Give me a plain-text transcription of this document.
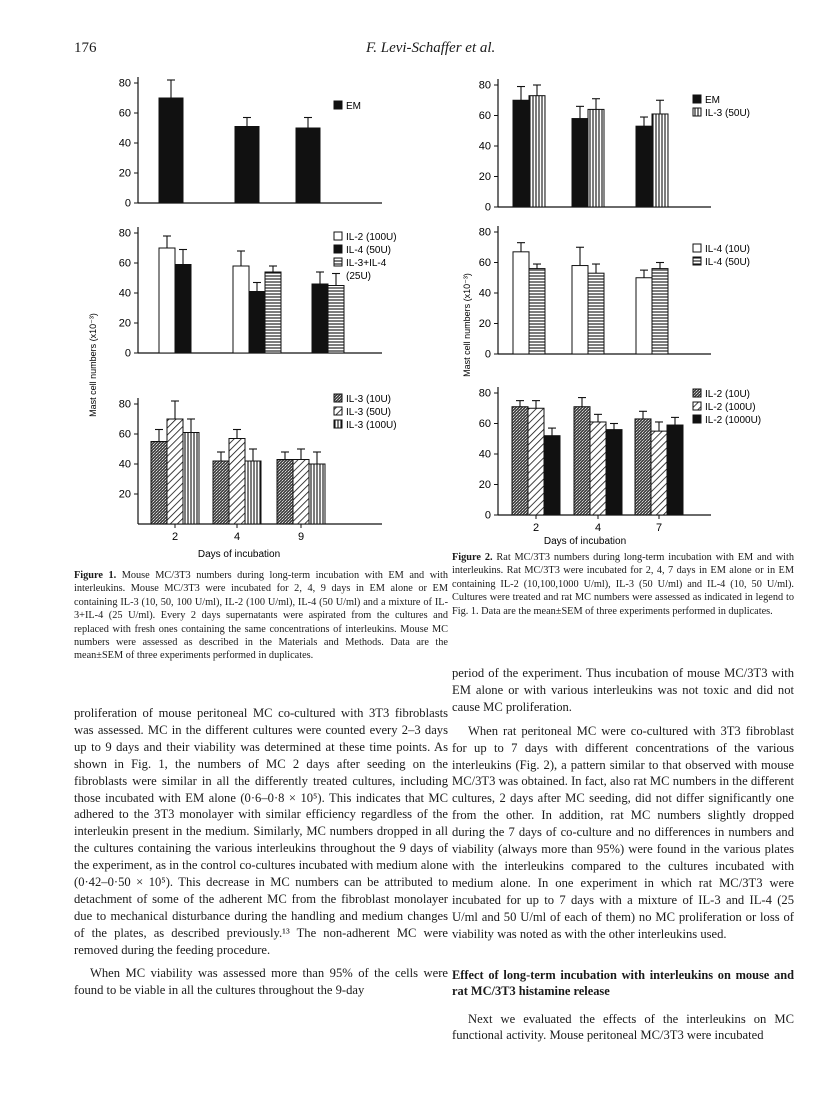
176	F. Levi-Schaffer et al.
0
20
40
60
80
EM
0
20
40
60
80	IL-2 (100U)
IL-4 (50U)
IL-3+IL-4
(25U)
20
40
60
80
2	4	9
IL-3 (10U)
IL-3 (50U)
IL-3 (100U)
Mast cell numbers (x10⁻³)
Days of incubation
0
20
40
60
80
EM
IL-3 (50U)
0
20
40
60
80
IL-4 (10U)
IL-4 (50U)
0
20
40
60
80
2	4	7
IL-2 (10U)
IL-2 (100U)
IL-2 (1000U)
Mast cell numbers (x10⁻³)
Days of incubation
Figure 1. Mouse MC/3T3 numbers during long-term incubation with EM and with interleukins. Mouse MC/3T3 were incubated for 2, 4, 9 days in EM alone or EM containing IL-3 (10, 50, 100 U/ml), IL-2 (100 U/ml), IL-4 (50 U/ml) and a mixture of IL-3+IL-4 (25 U/ml). Every 2 days supernatants were aspirated from the cultures and replaced with fresh ones containing the same concentrations of interleukins. Mouse MC numbers were assessed as described in the Materials and Methods. Data are the mean±SEM of three experiments performed in duplicates.
Figure 2. Rat MC/3T3 numbers during long-term incubation with EM and with interleukins. Rat MC/3T3 were incubated for 2, 4, 7 days in EM alone or in EM containing IL-2 (10,100,1000 U/ml), IL-3 (50 U/ml) and IL-4 (10, 50 U/ml). Cultures were treated and rat MC numbers were assessed as indicated in legend to Fig. 1. Data are the mean±SEM of three experiments performed in duplicates.

proliferation of mouse peritoneal MC co-cultured with 3T3 fibroblasts was assessed. MC in the different cultures were counted every 2–3 days up to 9 days and their viability was determined at these time points. As shown in Fig. 1, the numbers of MC 2 days after seeding on the fibroblasts were similar in all the differently treated cultures, including those incubated with EM alone (0·6–0·8 × 10⁵). This indicates that MC adhered to the 3T3 monolayer with similar efficiency regardless of the interleukin present in the medium. Similarly, MC numbers dropped in all the cultures containing the various interleukins throughout the 9 days of the experiment, as in the control co-cultures incubated with medium alone (0·42–0·50 × 10⁵). This decrease in MC numbers can be attributed to detachment of some of the adherent MC from the fibroblast monolayer due to mechanical disturbance during the handling and medium changes of the plates, as described previously.¹³ The non-adherent MC were removed during the feeding procedure.

When MC viability was assessed more than 95% of the cells were found to be viable in all the cultures throughout the 9-day

period of the experiment. Thus incubation of mouse MC/3T3 with EM alone or with various interleukins was not toxic and did not cause MC proliferation.

When rat peritoneal MC were co-cultured with 3T3 fibroblast for up to 7 days with different concentrations of the various interleukins (Fig. 2), a pattern similar to that observed with mouse MC/3T3 was obtained. In fact, also rat MC numbers in the different cultures, 2 days after MC seeding, did not differ significantly one from the other. In addition, rat MC numbers slightly dropped during the 7 days of co-culture and no differences in numbers and viability (always more than 95%) were found in the various plates with the interleukins compared to the cultures incubated with medium alone. In one experiment in which rat MC/3T3 were incubated for up to 7 days with a mixture of IL-3 and IL-4 (25 U/ml and 50 U/ml of each of them) no MC proliferation or loss of viability was noted as with the other interleukins used.

Effect of long-term incubation with interleukins on mouse and rat MC/3T3 histamine release

Next we evaluated the effects of the interleukins on MC functional activity. Mouse peritoneal MC/3T3 were incubated
